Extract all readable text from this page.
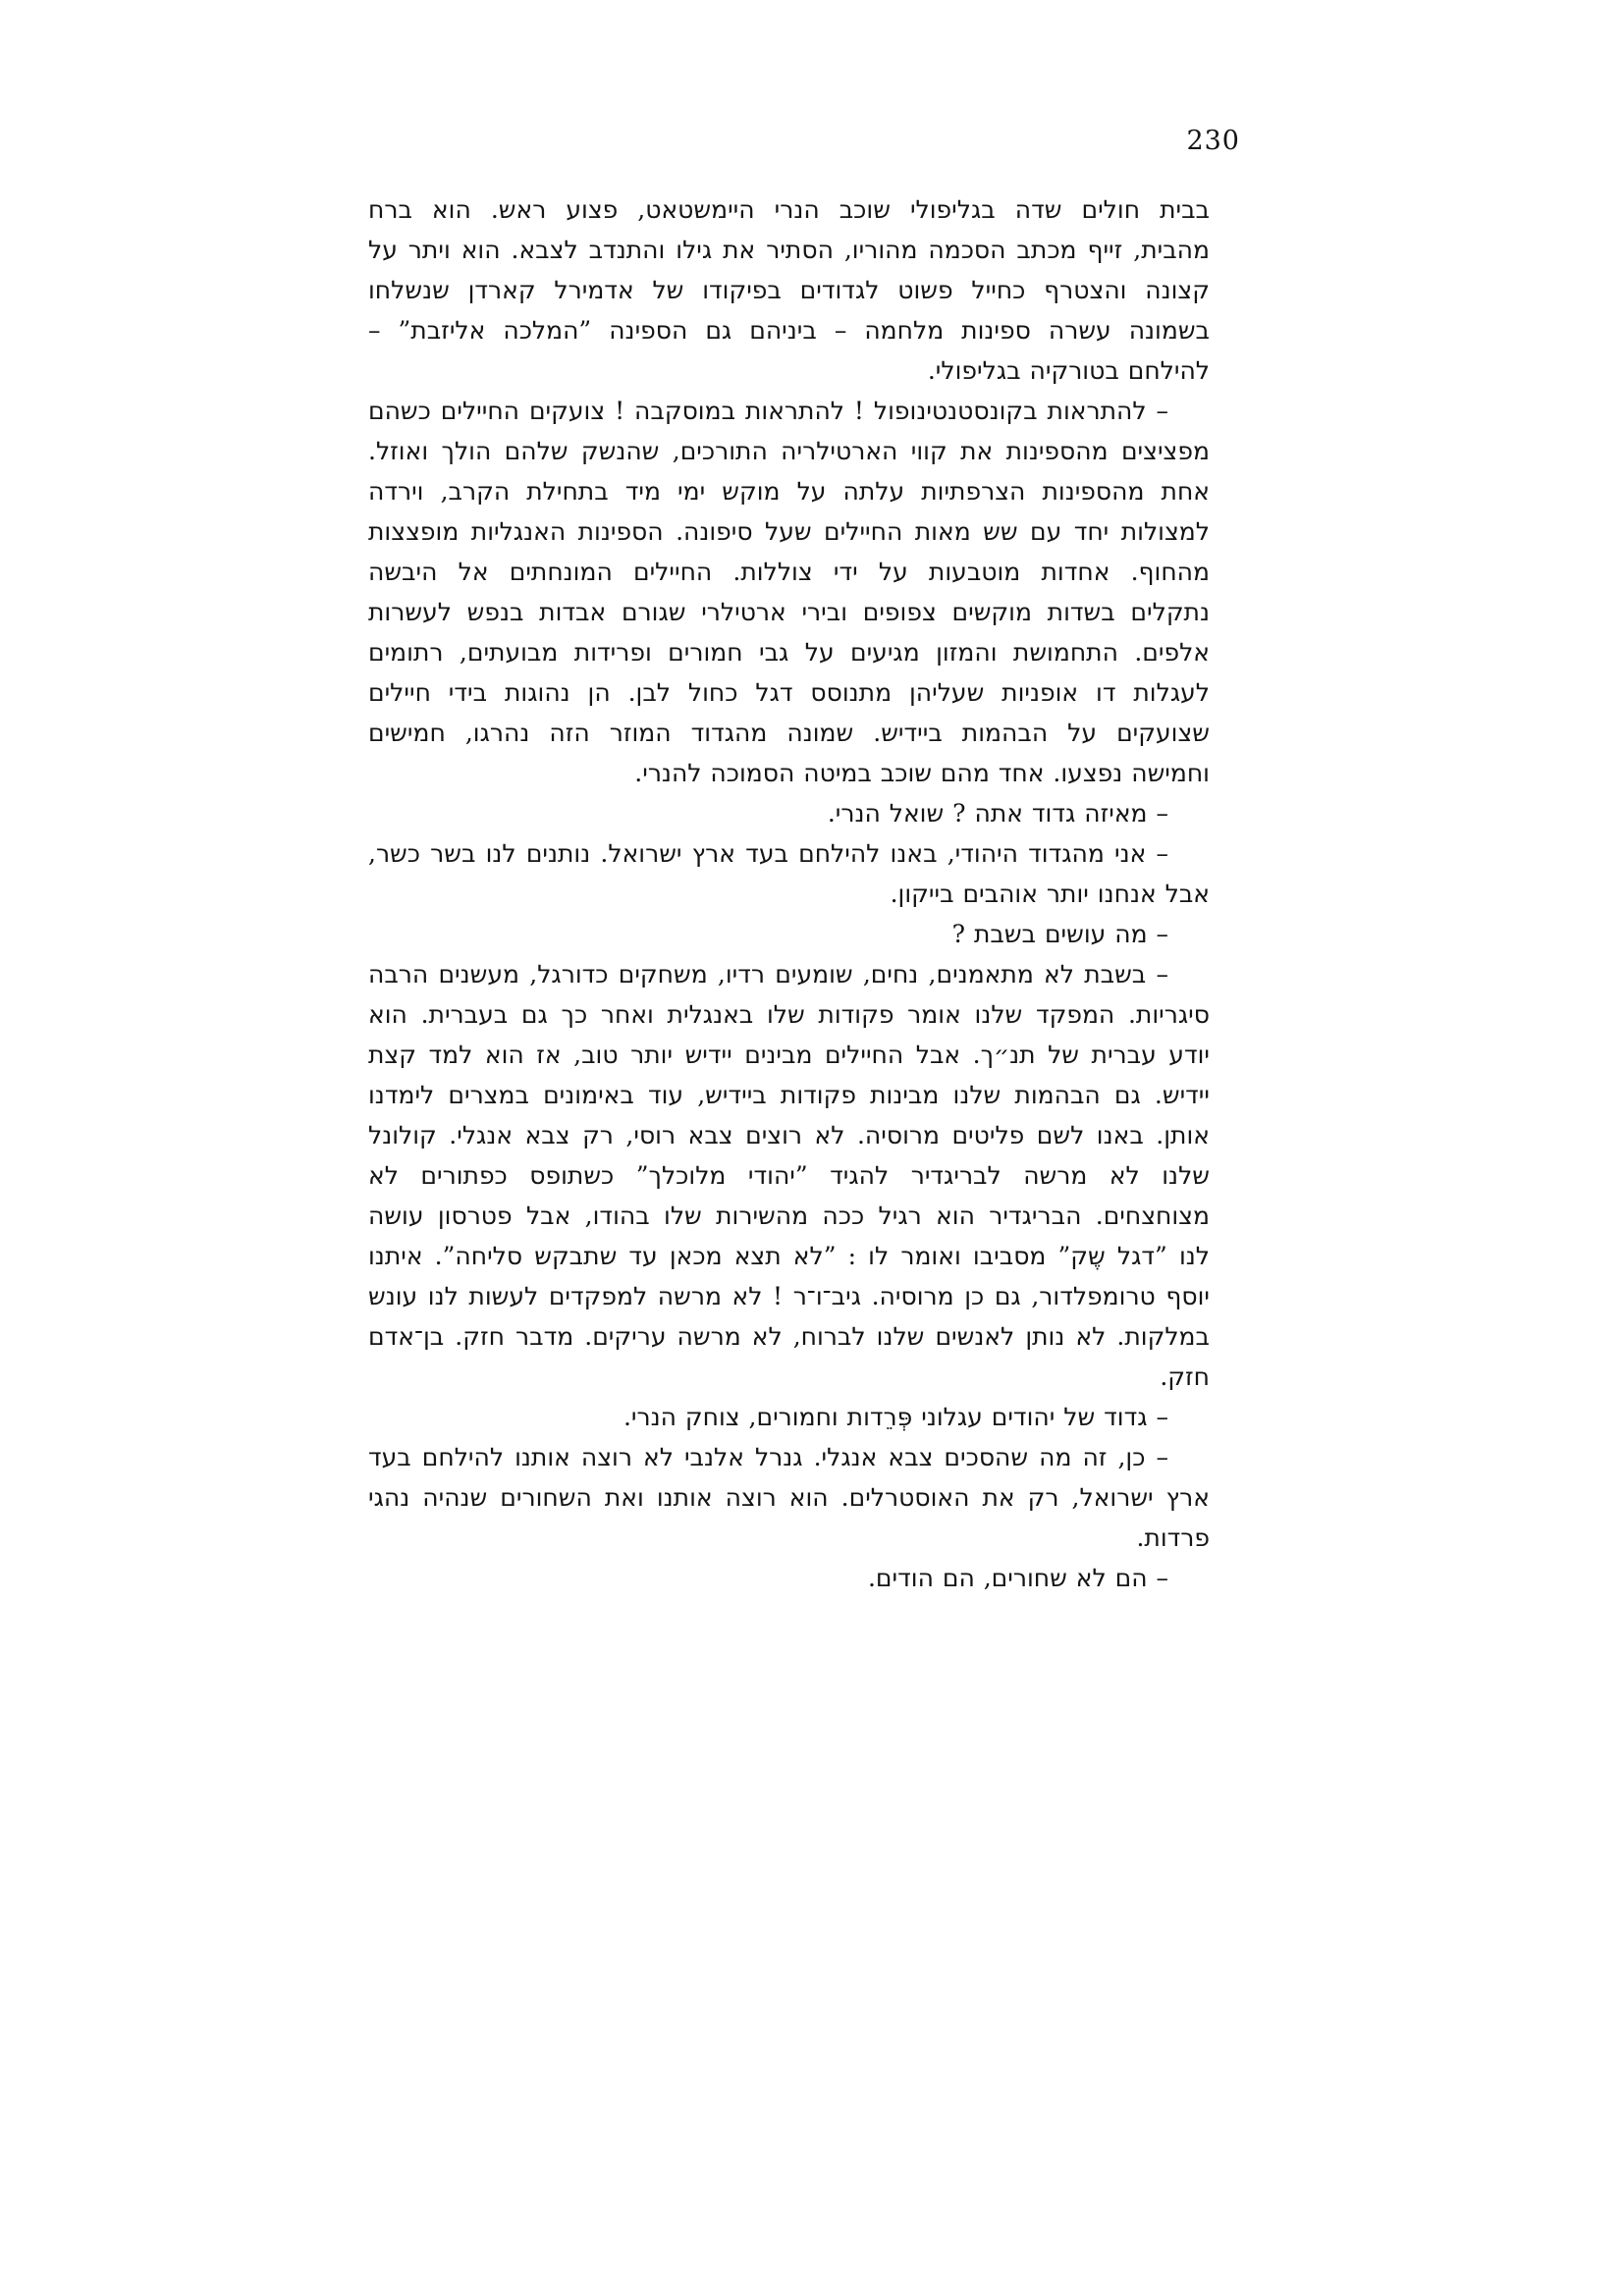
230
בבית חולים שדה בגליפולי שוכב הנרי היימשטאט, פצוע ראש. הוא ברח
מהבית, זייף מכתב הסכמה מהוריו, הסתיר את גילו והתנדב לצבא. הוא ויתר על
קצונה והצטרף כחייל פשוט לגדודים בפיקודו של אדמירל קארדן שנשלחו
בשמונה עשרה ספינות מלחמה – ביניהם גם הספינה ”המלכה אליזבת” –
להילחם בטורקיה בגליפולי.
– להתראות בקונסטנטינופול ! להתראות במוסקבה ! צועקים החיילים כשהם
מפציצים מהספינות את קווי הארטילריה התורכים, שהנשק שלהם הולך ואוזל.
אחת מהספינות הצרפתיות עלתה על מוקש ימי מיד בתחילת הקרב, וירדה
למצולות יחד עם שש מאות החיילים שעל סיפונה. הספינות האנגליות מופצצות
מהחוף. אחדות מוטבעות על ידי צוללות. החיילים המונחתים אל היבשה
נתקלים בשדות מוקשים צפופים ובירי ארטילרי שגורם אבדות בנפש לעשרות
אלפים. התחמושת והמזון מגיעים על גבי חמורים ופרידות מבועתים, רתומים
לעגלות דו אופניות שעליהן מתנוסס דגל כחול לבן. הן נהוגות בידי חיילים
שצועקים על הבהמות ביידיש. שמונה מהגדוד המוזר הזה נהרגו, חמישים
וחמישה נפצעו. אחד מהם שוכב במיטה הסמוכה להנרי.
– מאיזה גדוד אתה ? שואל הנרי.
– אני מהגדוד היהודי, באנו להילחם בעד ארץ ישרואל. נותנים לנו בשר כשר,
אבל אנחנו יותר אוהבים בייקון.
– מה עושים בשבת ?
– בשבת לא מתאמנים, נחים, שומעים רדיו, משחקים כדורגל, מעשנים הרבה
סיגריות. המפקד שלנו אומר פקודות שלו באנגלית ואחר כך גם בעברית. הוא
יודע עברית של תנ״ך. אבל החיילים מבינים יידיש יותר טוב, אז הוא למד קצת
יידיש. גם הבהמות שלנו מבינות פקודות ביידיש, עוד באימונים במצרים לימדנו
אותן. באנו לשם פליטים מרוסיה. לא רוצים צבא רוסי, רק צבא אנגלי. קולונל
שלנו לא מרשה לבריגדיר להגיד ”יהודי מלוכלך” כשתופס כפתורים לא
מצוחצחים. הבריגדיר הוא רגיל ככה מהשירות שלו בהודו, אבל פטרסון עושה
לנו ”דגל שֶק” מסביבו ואומר לו : ”לא תצא מכאן עד שתבקש סליחה”. איתנו
יוסף טרומפלדור, גם כן מרוסיה. גיב־ו־ר ! לא מרשה למפקדים לעשות לנו עונש
במלקות. לא נותן לאנשים שלנו לברוח, לא מרשה עריקים. מדבר חזק. בן־אדם
חזק.
– גדוד של יהודים עגלוני פְּרֵדות וחמורים, צוחק הנרי.
– כן, זה מה שהסכים צבא אנגלי. גנרל אלנבי לא רוצה אותנו להילחם בעד
ארץ ישרואל, רק את האוסטרלים. הוא רוצה אותנו ואת השחורים שנהיה נהגי
פרדות.
– הם לא שחורים, הם הודים.
